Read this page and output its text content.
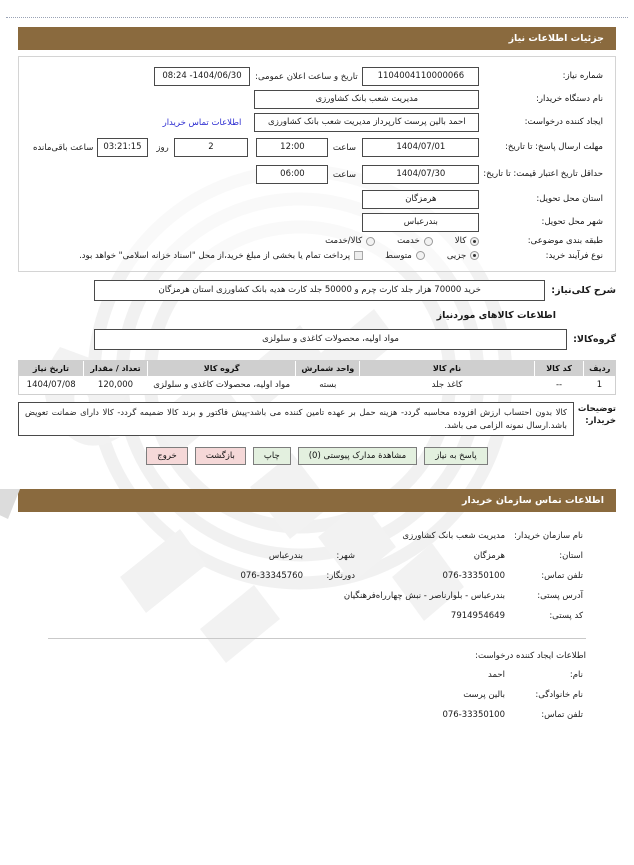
جزئیات اطلاعات نیاز
شماره نیاز:	
1104004110000066
	تاریخ و ساعت اعلان عمومی:	
1404/06/30- 08:24

نام دستگاه خریدار:	
مدیریت شعب بانک کشاورزی

ایجاد کننده درخواست:	
احمد بالین پرست کارپرداز مدیریت شعب بانک کشاورزی
	اطلاعات تماس خریدار	
مهلت ارسال پاسخ: تا تاریخ:	
1404/07/01

ساعت	
12:00

2
	روز

03:21:15
	ساعت باقی‌مانده

حداقل تاریخ اعتبار قیمت: تا تاریخ:	
1404/07/30

ساعت	
06:00

استان محل تحویل:	
هرمزگان

شهر محل تحویل:	
بندرعباس

طبقه بندی موضوعی:	
کالا
خدمت
کالا/خدمت

نوع فرآیند خرید:	
جزیی
متوسط
پرداخت تمام یا بخشی از مبلغ خرید،از محل "اسناد خزانه اسلامی" خواهد بود.
شرح کلی‌نیاز:
خرید 70000 هزار جلد کارت چرم و 50000 جلد کارت هدیه بانک کشاورزی استان هرمزگان
اطلاعات کالاهای موردنیاز
گروه‌کالا:
مواد اولیه، محصولات کاغذی و سلولزی
ردیف	کد کالا	نام کالا	واحد شمارش	گروه کالا	تعداد / مقدار	تاریخ نیاز
1	--	کاغذ جلد	بسته	مواد اولیه، محصولات کاغذی و سلولزی	120,000	1404/07/08
توضیحات
خریدار:
کالا بدون احتساب ارزش افزوده محاسبه گردد- هزینه حمل بر عهده تامین کننده می باشد-پیش فاکتور و برند کالا ضمیمه گردد- کالا دارای ضمانت تعویض باشد.ارسال نمونه الزامی می باشد.
پاسخ به نیاز
مشاهدة مدارک پیوستی (0)
چاپ
بازگشت
خروج
اطلاعات تماس سازمان خریدار
نام سازمان خریدار:	مدیریت شعب بانک کشاورزی		
استان:	هرمزگان	شهر:	بندرعباس
تلفن تماس:	076-33350100	دورنگار:	076-33345760
آدرس پستی:	بندرعباس - بلوارناصر - نبش چهارراه‌فرهنگیان		
کد پستی:	7914954649		
اطلاعات ایجاد کننده درخواست:
نام:	احمد
نام خانوادگی:	بالین پرست
تلفن تماس:	076-33350100
